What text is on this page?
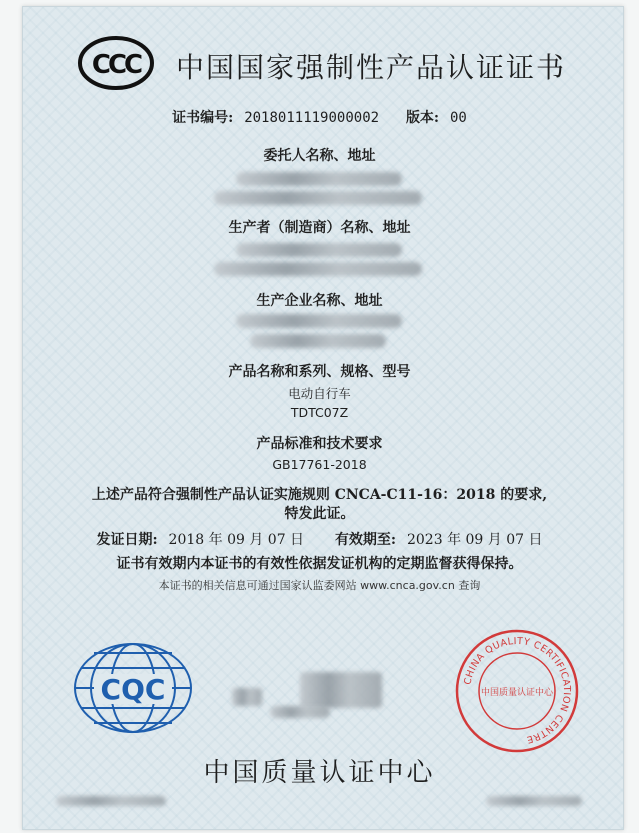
CCC 中国国家强制性产品认证证书
证书编号: 2018011119000002 版本: 00
委托人名称、地址
生产者（制造商）名称、地址
生产企业名称、地址
产品名称和系列、规格、型号
电动自行车
TDTC07Z
产品标准和技术要求
GB17761-2018
上述产品符合强制性产品认证实施规则 CNCA-C11-16：2018 的要求,
特发此证。
发证日期: 2018 年 09 月 07 日 有效期至: 2023 年 09 月 07 日
证书有效期内本证书的有效性依据发证机构的定期监督获得保持。
本证书的相关信息可通过国家认监委网站 www.cnca.gov.cn 查询
CQC	CHINA QUALITY CERTIFICATION CENTRE
中国质量认证中心
中国质量认证中心
